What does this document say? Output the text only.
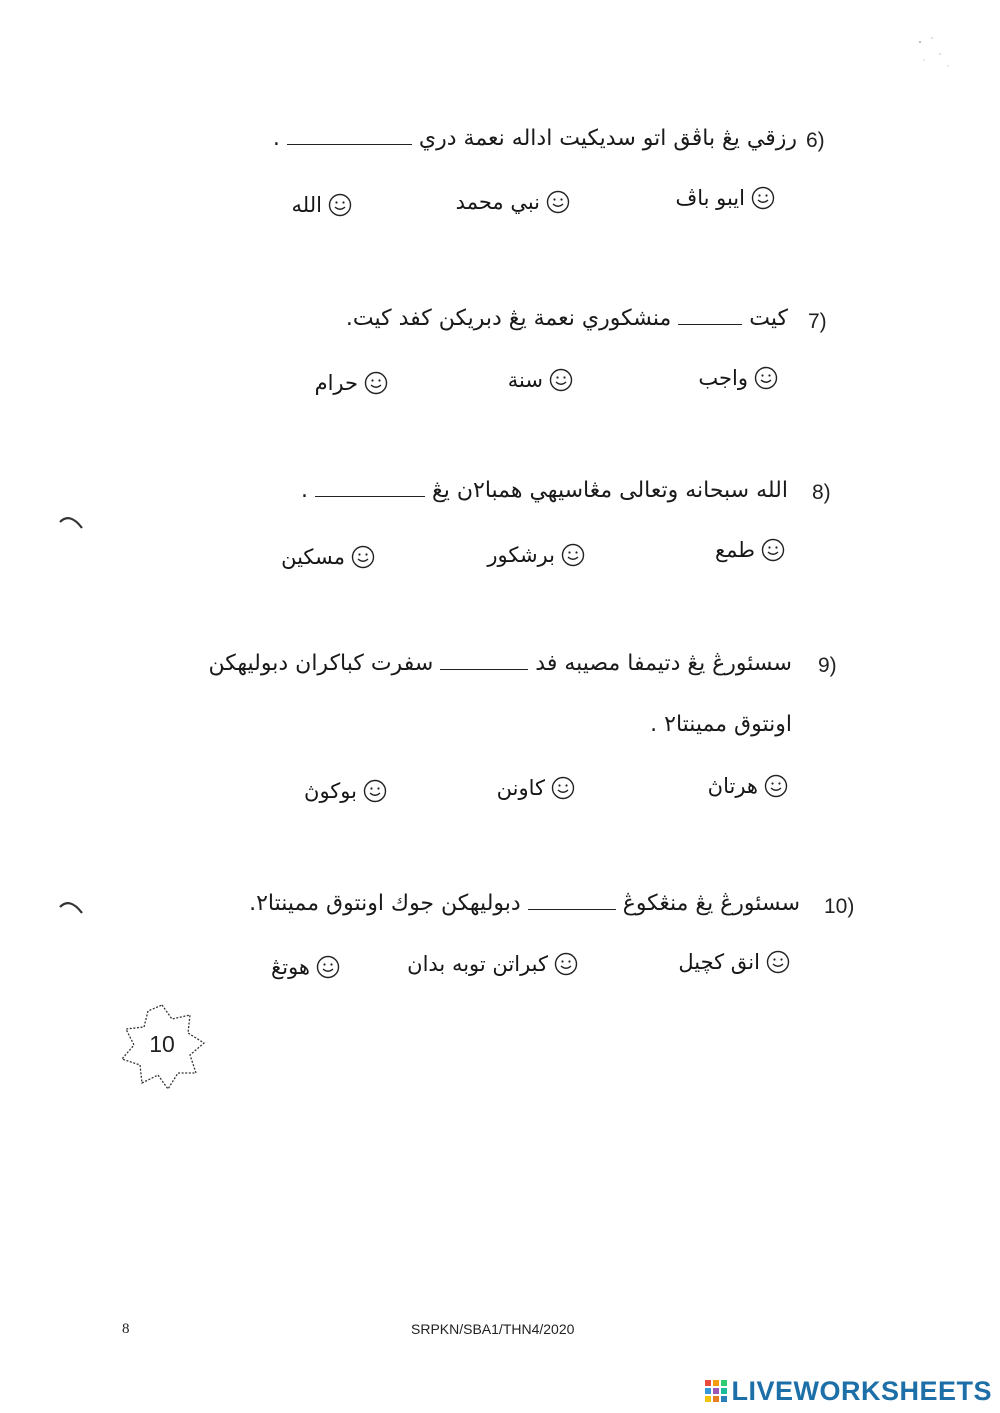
6)
رزقي يڠ باڤق اتو سديكيت اداله نعمة دري  .
ايبو باڤ
نبي محمد
الله
7)
كيت  منشكوري نعمة يڠ دبريكن كفد كيت.
واجب
سنة
حرام
8)
الله سبحانه وتعالى مڠاسيهي همبا٢ن يڠ  .
طمع
برشكور
مسكين
9)
سسئورڠ يڠ دتيمفا مصيبه فد  سفرت كباكران دبوليهكن
اونتوق ممينتا٢ .
هرتاڽ
كاونن
بوكوڽ
10)
سسئورڠ يڠ منڠكوڠ  دبوليهكن جوك اونتوق ممينتا٢.
انق كچيل
كبراتن توبه بدان
هوتڠ
10
8	SRPKN/SBA1/THN4/2020
LIVEWORKSHEETS
